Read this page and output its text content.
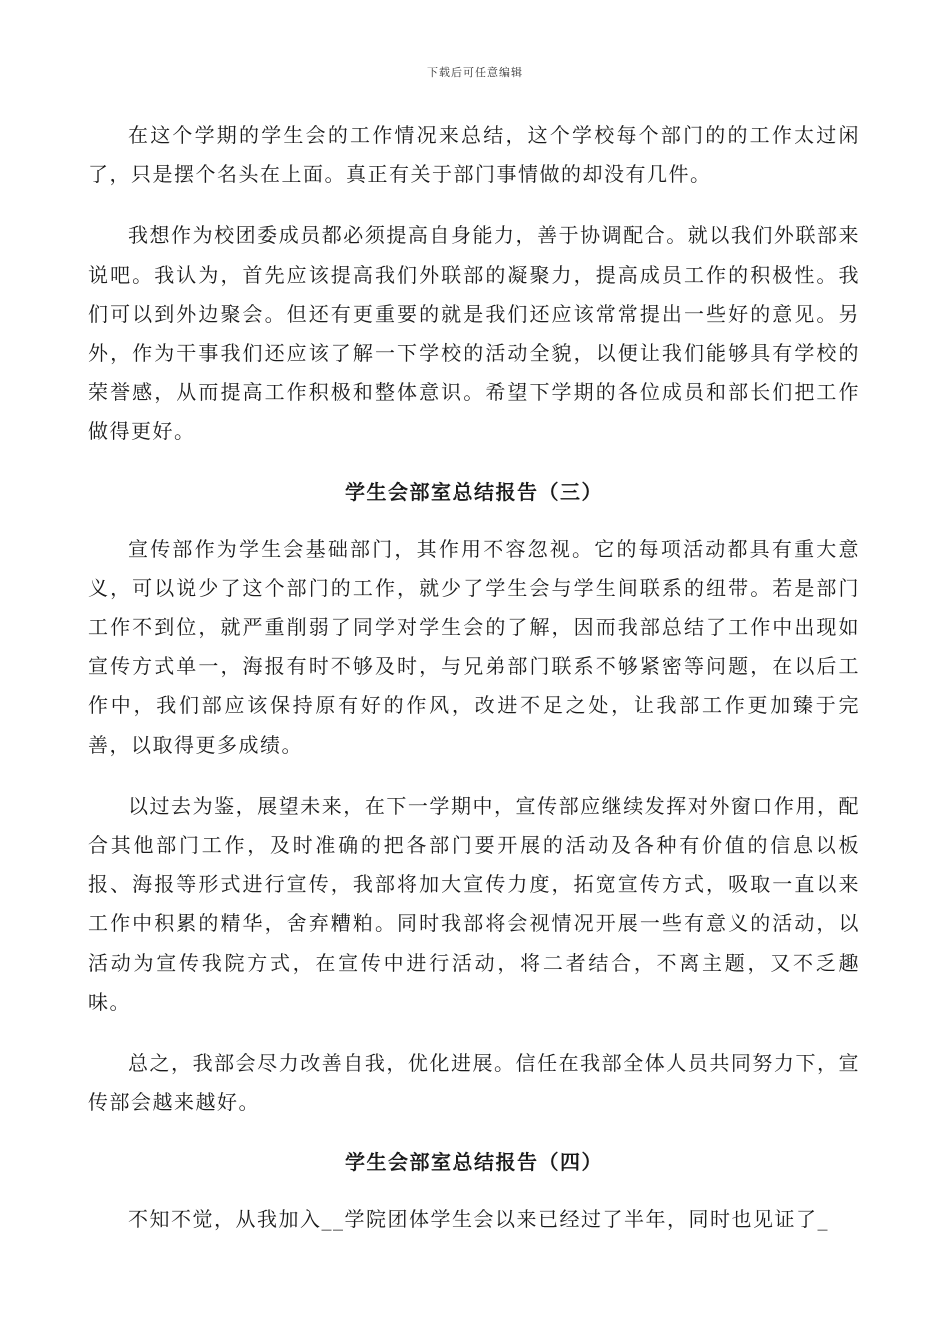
下载后可任意编辑

在这个学期的学生会的工作情况来总结，这个学校每个部门的的工作太过闲了，只是摆个名头在上面。真正有关于部门事情做的却没有几件。

我想作为校团委成员都必须提高自身能力，善于协调配合。就以我们外联部来说吧。我认为，首先应该提高我们外联部的凝聚力，提高成员工作的积极性。我们可以到外边聚会。但还有更重要的就是我们还应该常常提出一些好的意见。另外，作为干事我们还应该了解一下学校的活动全貌，以便让我们能够具有学校的荣誉感，从而提高工作积极和整体意识。希望下学期的各位成员和部长们把工作做得更好。

学生会部室总结报告（三）

宣传部作为学生会基础部门，其作用不容忽视。它的每项活动都具有重大意义，可以说少了这个部门的工作，就少了学生会与学生间联系的纽带。若是部门工作不到位，就严重削弱了同学对学生会的了解，因而我部总结了工作中出现如宣传方式单一，海报有时不够及时，与兄弟部门联系不够紧密等问题，在以后工作中，我们部应该保持原有好的作风，改进不足之处，让我部工作更加臻于完善，以取得更多成绩。

以过去为鉴，展望未来，在下一学期中，宣传部应继续发挥对外窗口作用，配合其他部门工作，及时准确的把各部门要开展的活动及各种有价值的信息以板报、海报等形式进行宣传，我部将加大宣传力度，拓宽宣传方式，吸取一直以来工作中积累的精华，舍弃糟粕。同时我部将会视情况开展一些有意义的活动，以活动为宣传我院方式，在宣传中进行活动，将二者结合，不离主题，又不乏趣味。

总之，我部会尽力改善自我，优化进展。信任在我部全体人员共同努力下，宣传部会越来越好。

学生会部室总结报告（四）

不知不觉，从我加入__学院团体学生会以来已经过了半年，同时也见证了_
